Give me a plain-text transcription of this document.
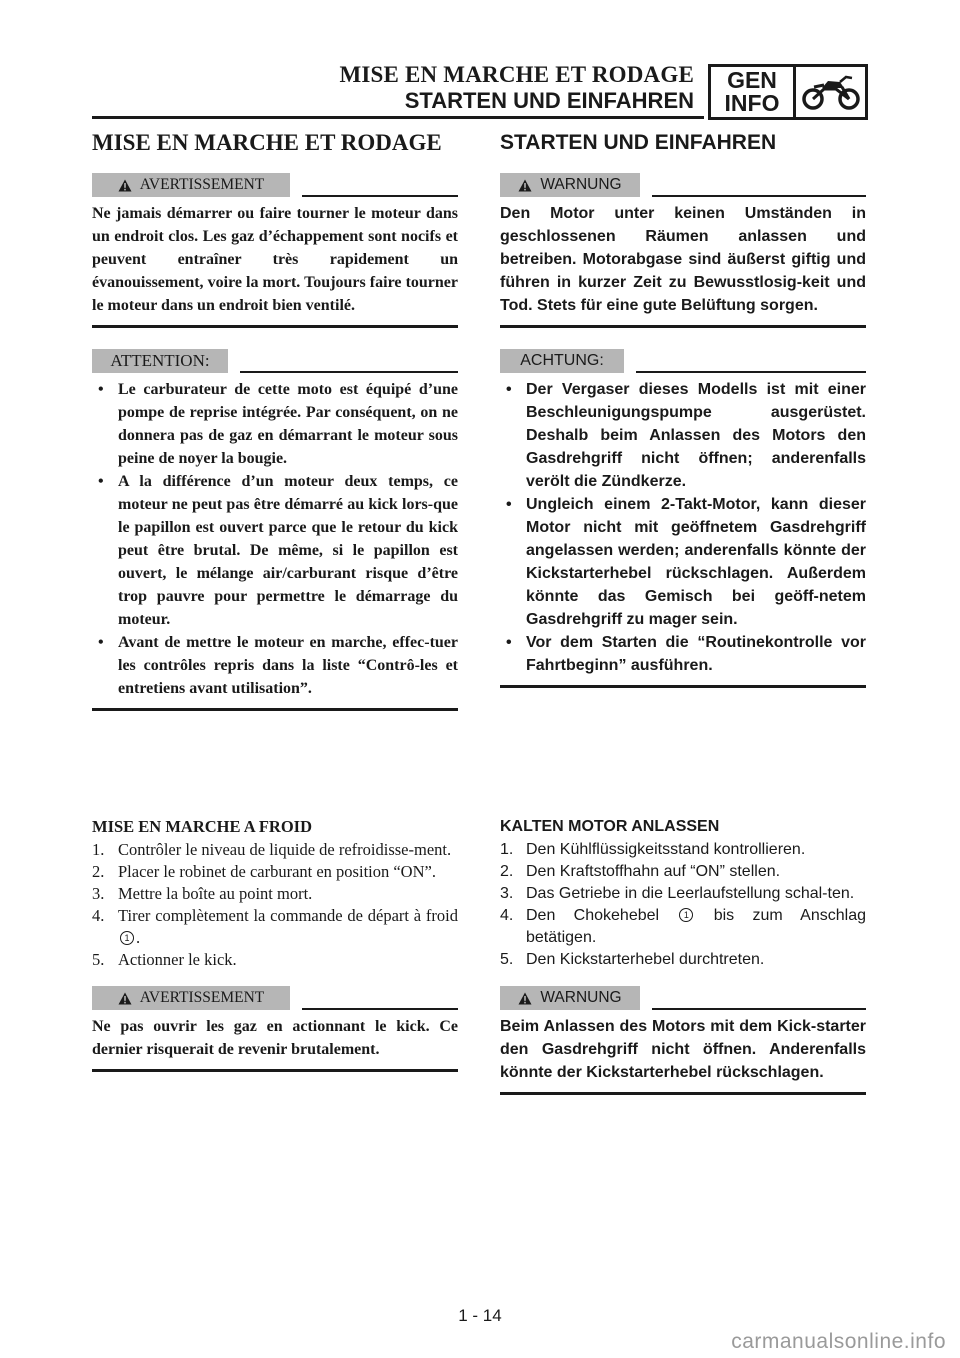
MISE EN MARCHE ET RODAGE
STARTEN UND EINFAHREN
GEN
INFO
MISE EN MARCHE ET RODAGE
AVERTISSEMENT

Ne jamais démarrer ou faire tourner le moteur dans un endroit clos. Les gaz d’échappement sont nocifs et peuvent entraîner très rapidement un évanouissement, voire la mort. Toujours faire tourner le moteur dans un endroit bien ventilé.

ATTENTION:
• Le carburateur de cette moto est équipé d’une pompe de reprise intégrée. Par conséquent, on ne donnera pas de gaz en démarrant le moteur sous peine de noyer la bougie.
• A la différence d’un moteur deux temps, ce moteur ne peut pas être démarré au kick lors-que le papillon est ouvert parce que le retour du kick peut être brutal. De même, si le papillon est ouvert, le mélange air/carburant risque d’être trop pauvre pour permettre le démarrage du moteur.
• Avant de mettre le moteur en marche, effec-tuer les contrôles repris dans la liste “Contrô-les et entretiens avant utilisation”.
MISE EN MARCHE A FROID
1. Contrôler le niveau de liquide de refroidisse-ment.
2. Placer le robinet de carburant en position “ON”.
3. Mettre la boîte au point mort.
4. Tirer complètement la commande de départ à froid 1 .
5. Actionner le kick.
AVERTISSEMENT

Ne pas ouvrir les gaz en actionnant le kick. Ce dernier risquerait de revenir brutalement.

STARTEN UND EINFAHREN
WARNUNG

Den Motor unter keinen Umständen in geschlossenen Räumen anlassen und betreiben. Motorabgase sind äußerst giftig und führen in kurzer Zeit zu Bewusstlosig-keit und Tod. Stets für eine gute Belüftung sorgen.

ACHTUNG:
• Der Vergaser dieses Modells ist mit einer Beschleunigungspumpe ausgerüstet. Deshalb beim Anlassen des Motors den Gasdrehgriff nicht öffnen; anderenfalls verölt die Zündkerze.
• Ungleich einem 2-Takt-Motor, kann dieser Motor nicht mit geöffnetem Gasdrehgriff angelassen werden; anderenfalls könnte der Kickstarterhebel rückschlagen. Außerdem könnte das Gemisch bei geöff-netem Gasdrehgriff zu mager sein.
• Vor dem Starten die “Routinekontrolle vor Fahrtbeginn” ausführen.
KALTEN MOTOR ANLASSEN
1. Den Kühlflüssigkeitsstand kontrollieren.
2. Den Kraftstoffhahn auf “ON” stellen.
3. Das Getriebe in die Leerlaufstellung schal-ten.
4. Den Chokehebel 1 bis zum Anschlag betätigen.
5. Den Kickstarterhebel durchtreten.
WARNUNG

Beim Anlassen des Motors mit dem Kick-starter den Gasdrehgriff nicht öffnen. Anderenfalls könnte der Kickstarterhebel rückschlagen.

1 - 14
carmanualsonline.info
